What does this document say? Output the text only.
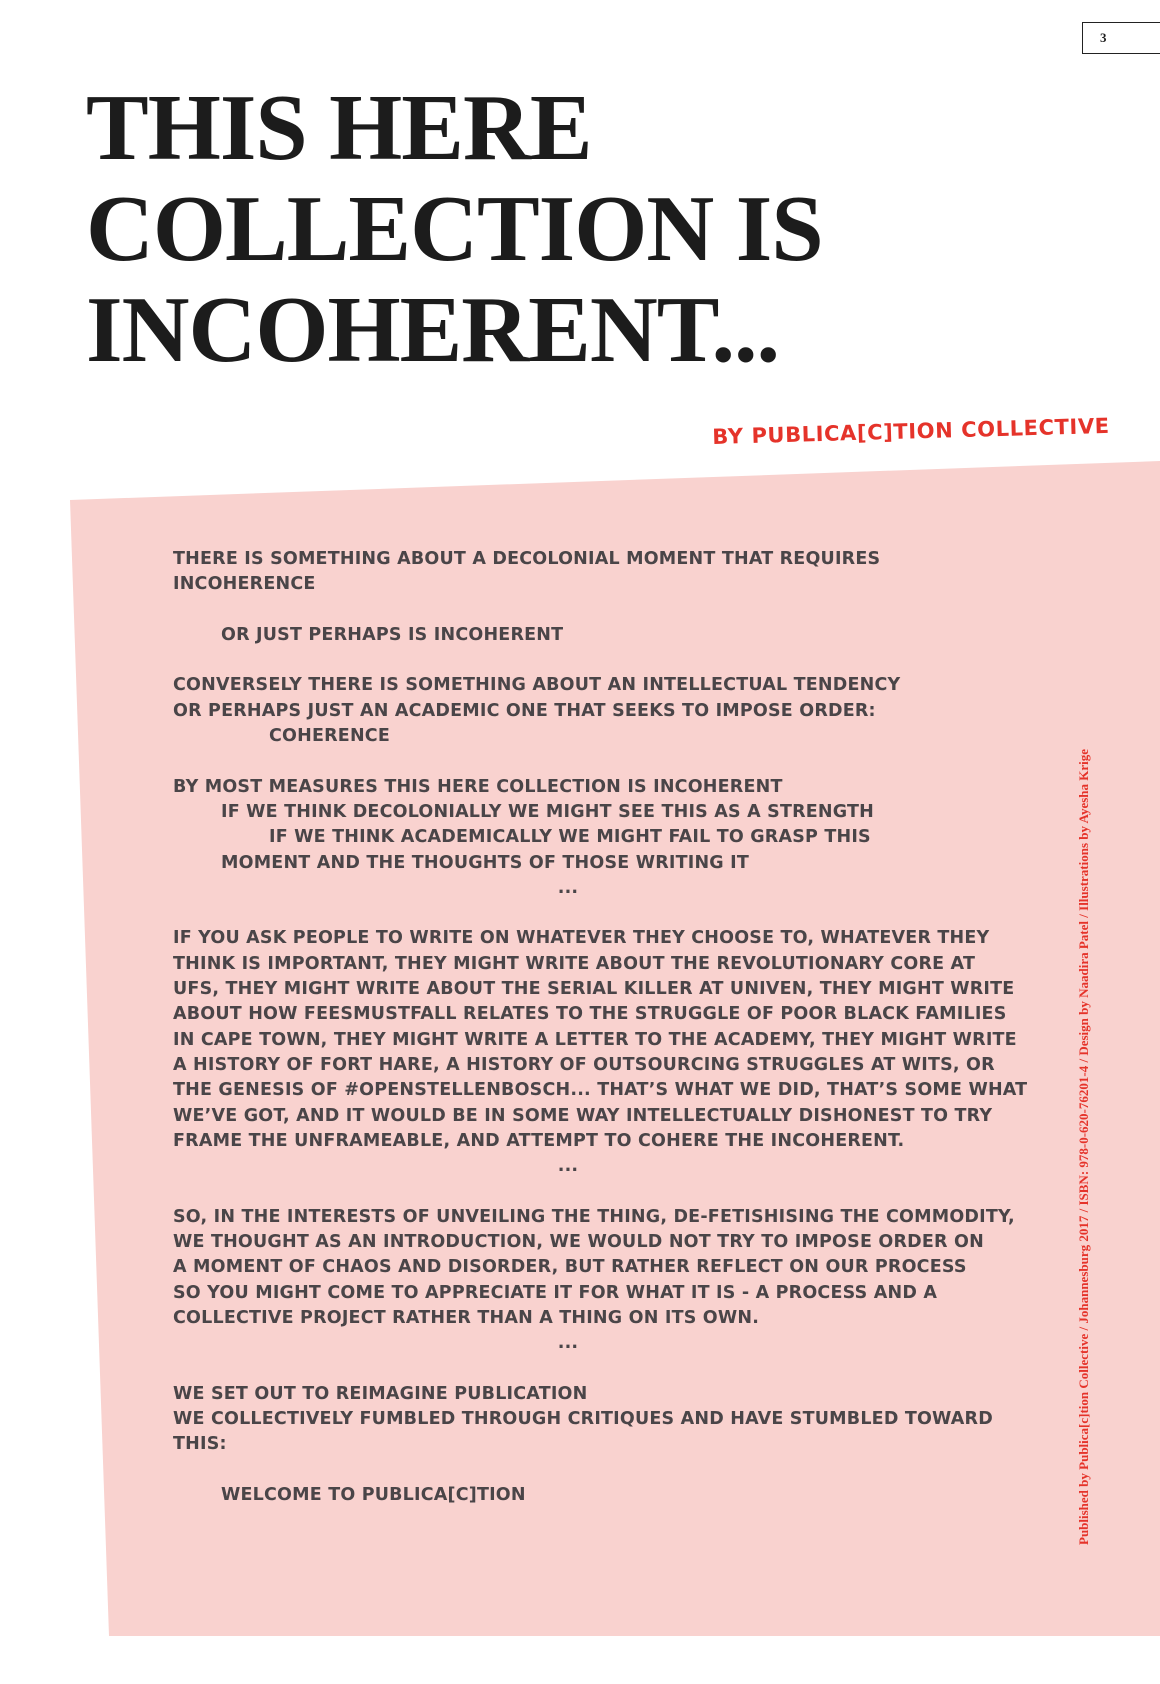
3
THIS HERE
COLLECTION IS
INCOHERENT...
BY PUBLICA[C]TION COLLECTIVE
THERE IS SOMETHING ABOUT A DECOLONIAL MOMENT THAT REQUIRES
INCOHERENCE
OR JUST PERHAPS IS INCOHERENT
CONVERSELY THERE IS SOMETHING ABOUT AN INTELLECTUAL TENDENCY
OR PERHAPS JUST AN ACADEMIC ONE THAT SEEKS TO IMPOSE ORDER:
COHERENCE
BY MOST MEASURES THIS HERE COLLECTION IS INCOHERENT
IF WE THINK DECOLONIALLY WE MIGHT SEE THIS AS A STRENGTH
IF WE THINK ACADEMICALLY WE MIGHT FAIL TO GRASP THIS
MOMENT AND THE THOUGHTS OF THOSE WRITING IT
...
IF YOU ASK PEOPLE TO WRITE ON WHATEVER THEY CHOOSE TO, WHATEVER THEY
THINK IS IMPORTANT, THEY MIGHT WRITE ABOUT THE REVOLUTIONARY CORE AT
UFS, THEY MIGHT WRITE ABOUT THE SERIAL KILLER AT UNIVEN, THEY MIGHT WRITE
ABOUT HOW FEESMUSTFALL RELATES TO THE STRUGGLE OF POOR BLACK FAMILIES
IN CAPE TOWN, THEY MIGHT WRITE A LETTER TO THE ACADEMY, THEY MIGHT WRITE
A HISTORY OF FORT HARE, A HISTORY OF OUTSOURCING STRUGGLES AT WITS, OR
THE GENESIS OF #OPENSTELLENBOSCH... THAT’S WHAT WE DID, THAT’S SOME WHAT
WE’VE GOT, AND IT WOULD BE IN SOME WAY INTELLECTUALLY DISHONEST TO TRY
FRAME THE UNFRAMEABLE, AND ATTEMPT TO COHERE THE INCOHERENT.
...
SO, IN THE INTERESTS OF UNVEILING THE THING, DE-FETISHISING THE COMMODITY,
WE THOUGHT AS AN INTRODUCTION, WE WOULD NOT TRY TO IMPOSE ORDER ON
A MOMENT OF CHAOS AND DISORDER, BUT RATHER REFLECT ON OUR PROCESS
SO YOU MIGHT COME TO APPRECIATE IT FOR WHAT IT IS - A PROCESS AND A
COLLECTIVE PROJECT RATHER THAN A THING ON ITS OWN.
...
WE SET OUT TO REIMAGINE PUBLICATION
WE COLLECTIVELY FUMBLED THROUGH CRITIQUES AND HAVE STUMBLED TOWARD
THIS:
WELCOME TO PUBLICA[C]TION	Published by Publica[c]tion Collective / Johannesburg 2017 / ISBN: 978-0-620-76201-4 / Design by Naadira Patel / Illustrations by Ayesha Krige
